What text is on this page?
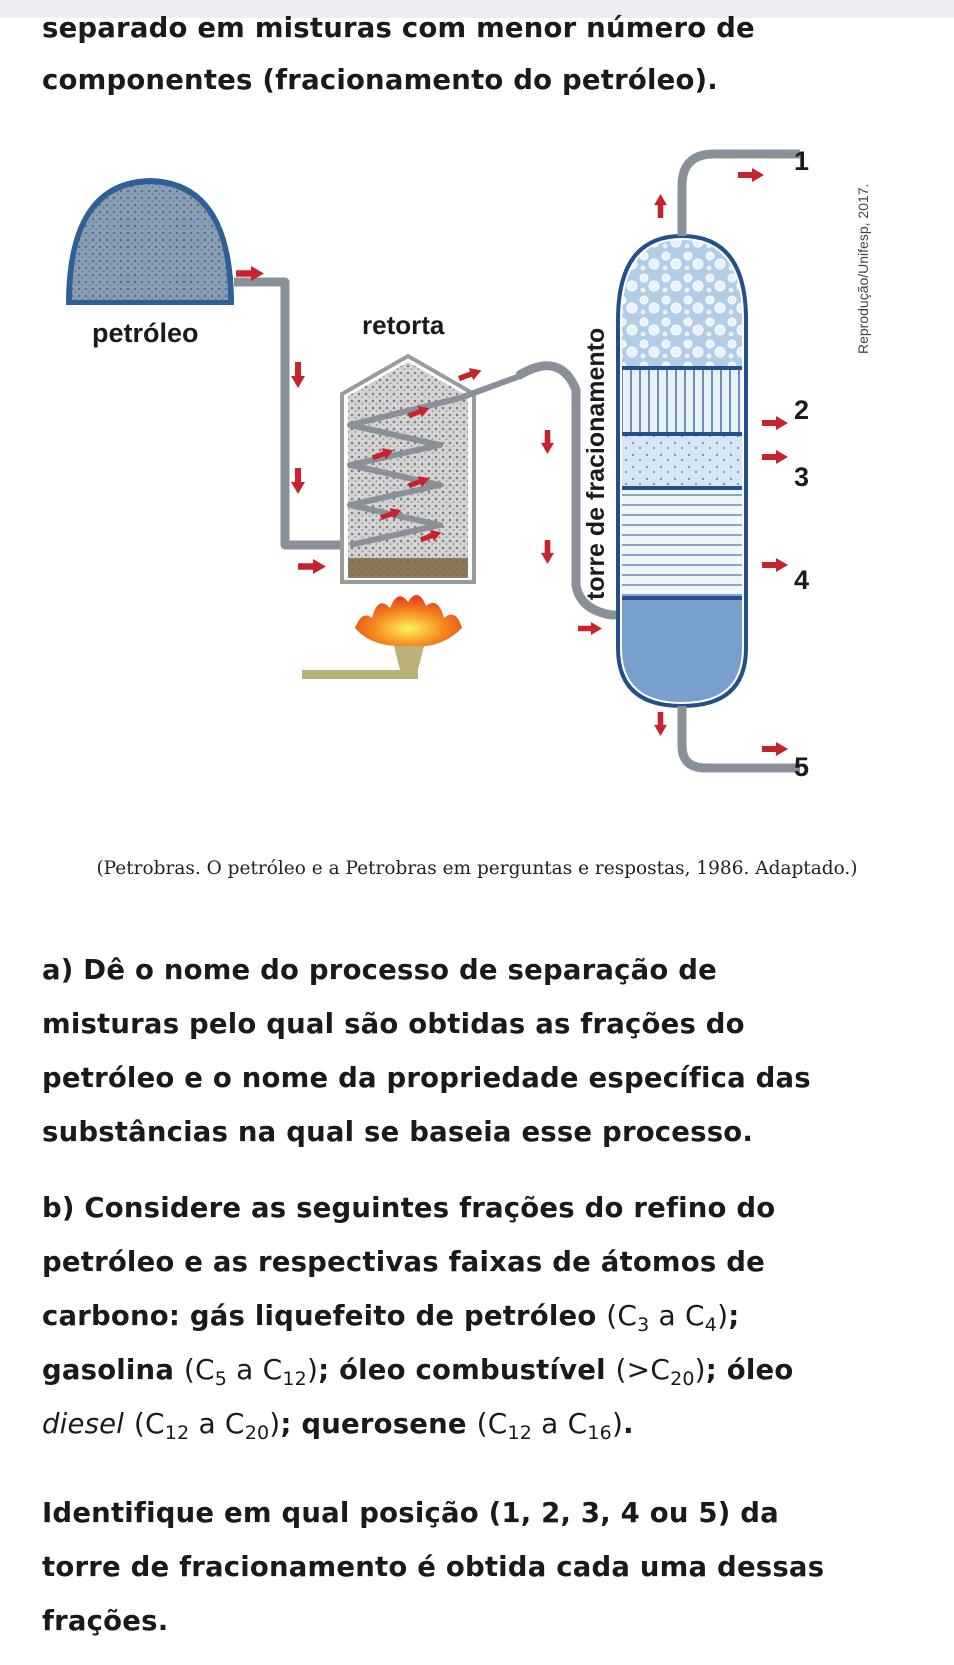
separado em misturas com menor número de
componentes (fracionamento do petróleo).

petróleo	retorta
torre de fracionamento
1
2
3
4
5
Reprodução/Unifesp, 2017.
(Petrobras. O petróleo e a Petrobras em perguntas e respostas, 1986. Adaptado.)

a) Dê o nome do processo de separação de
misturas pelo qual são obtidas as frações do
petróleo e o nome da propriedade específica das
substâncias na qual se baseia esse processo.

b) Considere as seguintes frações do refino do
petróleo e as respectivas faixas de átomos de
carbono: gás liquefeito de petróleo ($C_3$ a $C_4$);
gasolina ($C_5$ a $C_{12}$); óleo combustível $(>C_{20})$; óleo
diesel ($C_{12}$ a $C_{20}$); querosene ($C_{12}$ a $C_{16}$).

Identifique em qual posição (1, 2, 3, 4 ou 5) da
torre de fracionamento é obtida cada uma dessas
frações.
